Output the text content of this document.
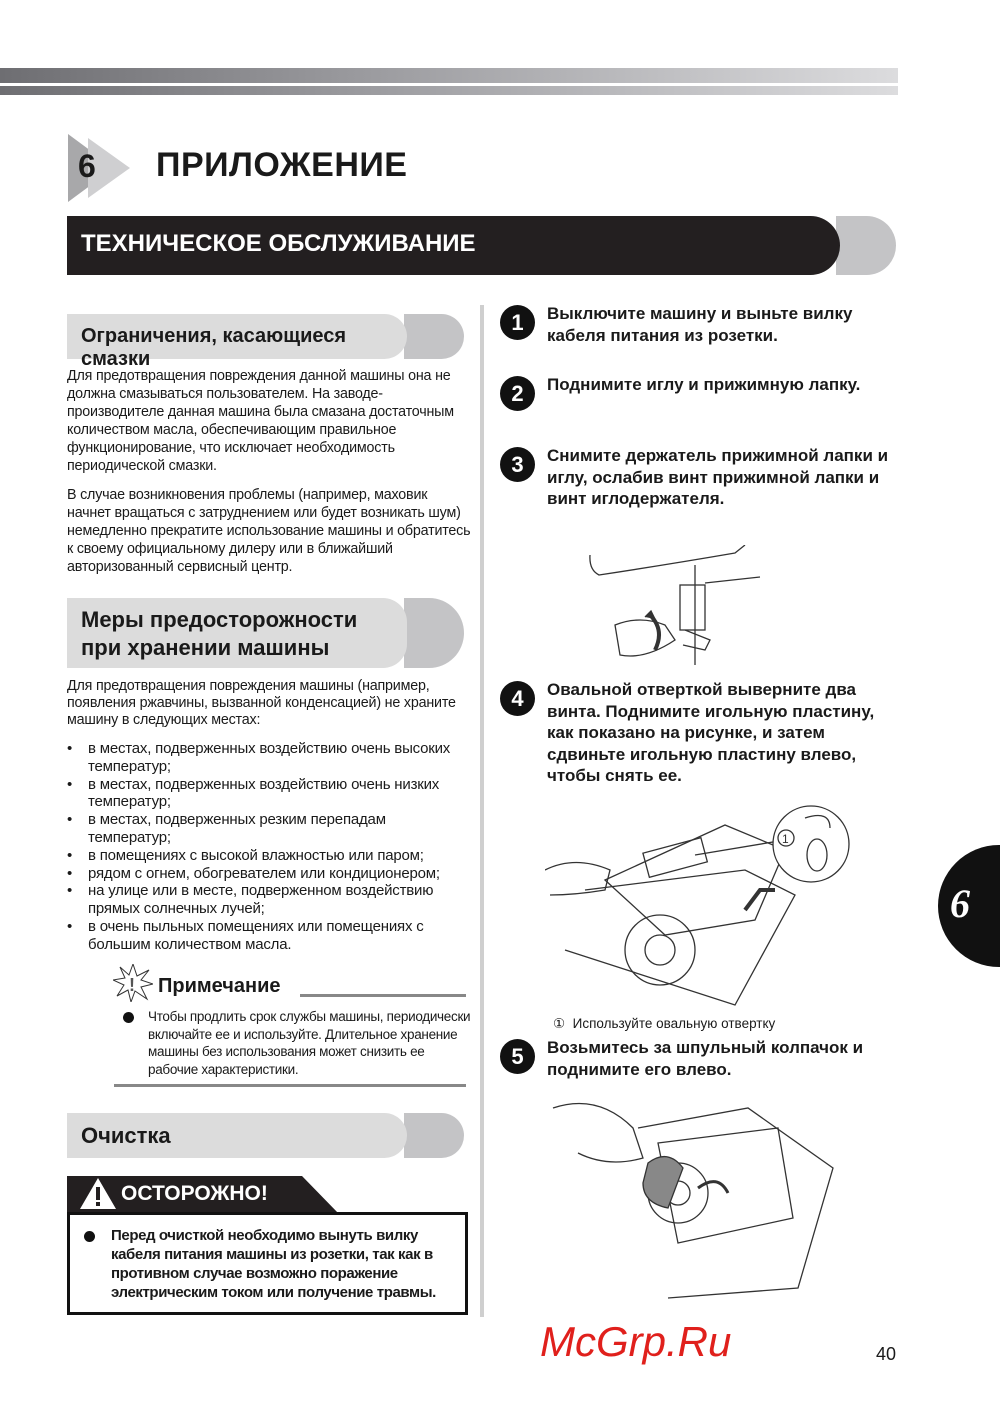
6 ПРИЛОЖЕНИЕ
ТЕХНИЧЕСКОЕ ОБСЛУЖИВАНИЕ
Ограничения, касающиеся смазки
Для предотвращения повреждения данной машины она не должна смазываться пользователем. На заводе-производителе данная машина была смазана достаточным количеством масла, обеспечивающим правильное функционирование, что исключает необходимость периодической смазки.
В случае возникновения проблемы (например, маховик начнет вращаться с затруднением или будет возникать шум) немедленно прекратите использование машины и обратитесь к своему официальному дилеру или в ближайший авторизованный сервисный центр.
Меры предосторожности
при хранении машины
Для предотвращения повреждения машины (например, появления ржавчины, вызванной конденсацией) не храните машину в следующих местах:
• в местах, подверженных воздействию очень высоких температур;
• в местах, подверженных воздействию очень низких температур;
• в местах, подверженных резким перепадам температур;
• в помещениях с высокой влажностью или паром;
• рядом с огнем, обогревателем или кондиционером;
• на улице или в месте, подверженном воздействию прямых солнечных лучей;
• в очень пыльных помещениях или помещениях с большим количеством масла.
! Примечание
Чтобы продлить срок службы машины, периодически включайте ее и используйте. Длительное хранение машины без использования может снизить ее рабочие характеристики.
Очистка
ОСТОРОЖНО!
Перед очисткой необходимо вынуть вилку кабеля питания машины из розетки, так как в противном случае возможно поражение электрическим током или получение травмы.
1	Выключите машину и выньте вилку кабеля питания из розетки.
2	Поднимите иглу и прижимную лапку.
3	Снимите держатель прижимной лапки и иглу, ослабив винт прижимной лапки и винт иглодержателя.
4	Овальной отверткой выверните два винта. Поднимите игольную пластину, как показано на рисунке, и затем сдвиньте игольную пластину влево, чтобы снять ее.
1
① Используйте овальную отвертку
5	Возьмитесь за шпульный колпачок и поднимите его влево.
McGrp.Ru
6
40
